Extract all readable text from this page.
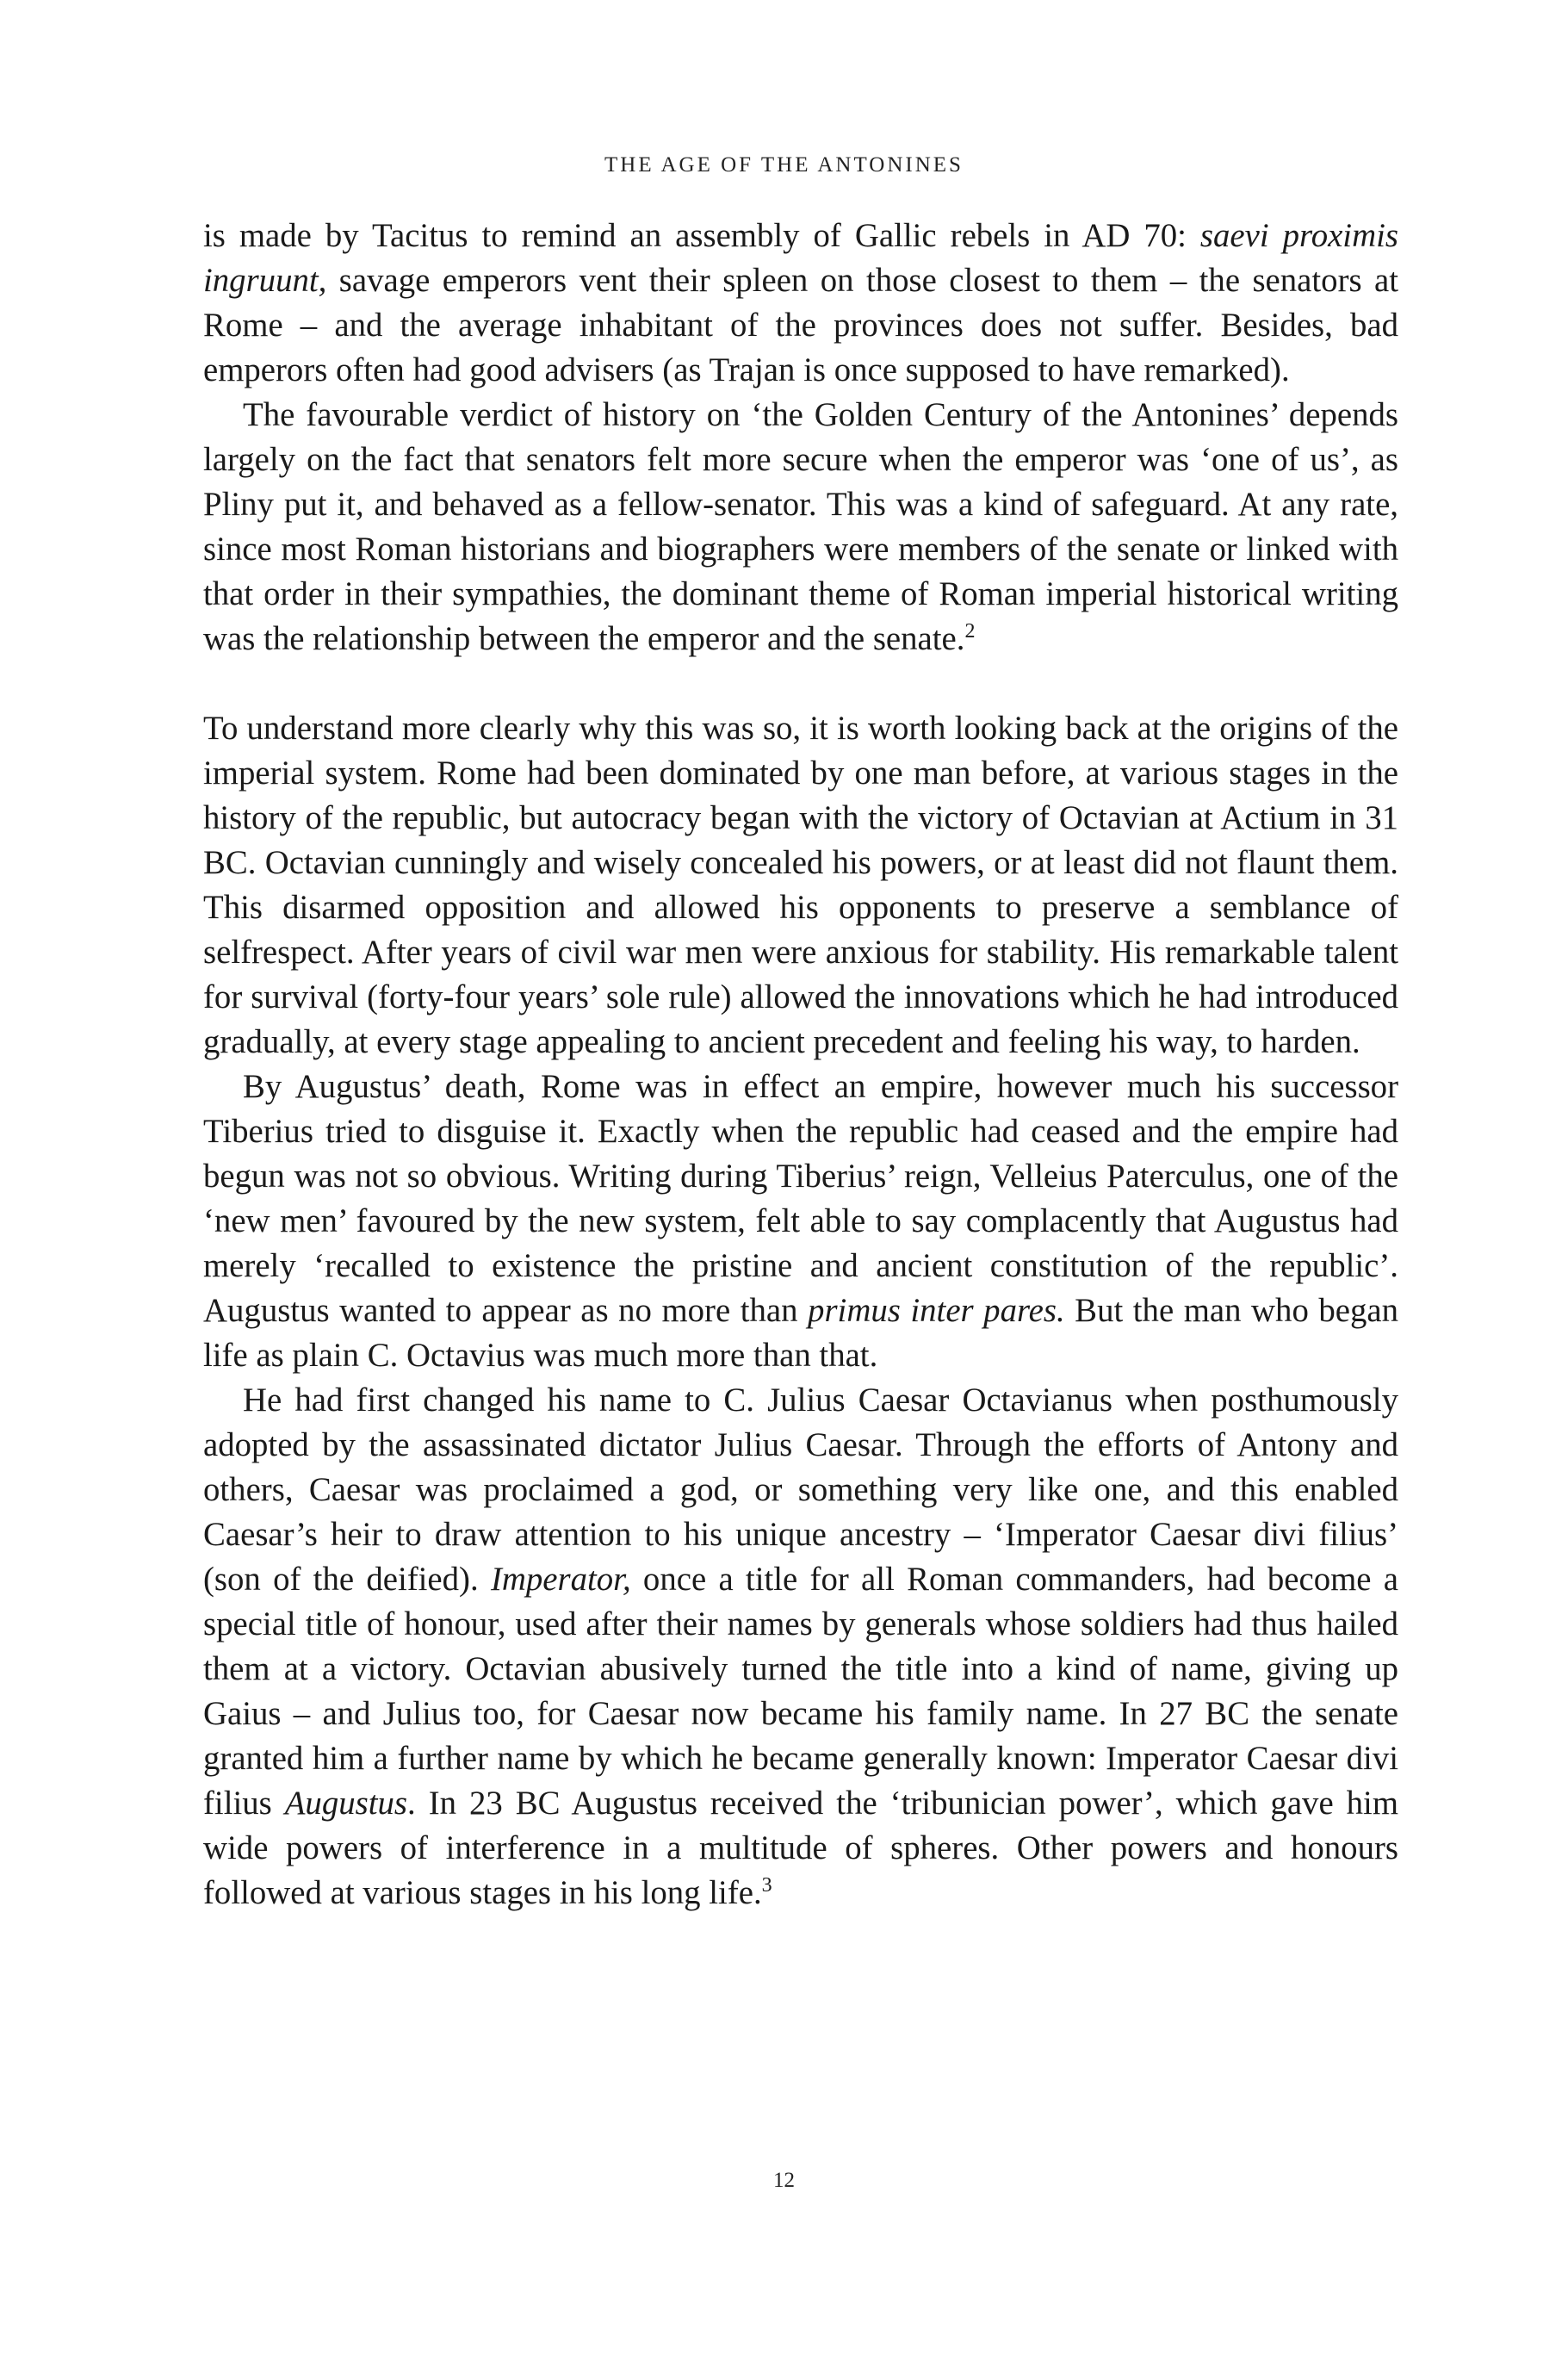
THE AGE OF THE ANTONINES

is made by Tacitus to remind an assembly of Gallic rebels in AD 70: saevi proximis ingruunt, savage emperors vent their spleen on those closest to them – the senators at Rome – and the average inhabitant of the provinces does not suffer. Besides, bad emperors often had good advisers (as Trajan is once supposed to have remarked).

The favourable verdict of history on ‘the Golden Century of the Antonines’ depends largely on the fact that senators felt more secure when the emperor was ‘one of us’, as Pliny put it, and behaved as a fellow-senator. This was a kind of safeguard. At any rate, since most Roman historians and biographers were members of the senate or linked with that order in their sympathies, the dominant theme of Roman imperial historical writing was the relationship between the emperor and the senate.$^2$

To understand more clearly why this was so, it is worth looking back at the origins of the imperial system. Rome had been dominated by one man before, at various stages in the history of the republic, but autocracy began with the victory of Octavian at Actium in 31 BC. Octavian cunningly and wisely concealed his powers, or at least did not flaunt them. This disarmed opposition and allowed his opponents to preserve a semblance of selfrespect. After years of civil war men were anxious for stability. His remarkable talent for survival (forty-four years’ sole rule) allowed the innovations which he had introduced gradually, at every stage appealing to ancient precedent and feeling his way, to harden.

By Augustus’ death, Rome was in effect an empire, however much his successor Tiberius tried to disguise it. Exactly when the republic had ceased and the empire had begun was not so obvious. Writing during Tiberius’ reign, Velleius Paterculus, one of the ‘new men’ favoured by the new system, felt able to say complacently that Augustus had merely ‘recalled to existence the pristine and ancient constitution of the republic’. Augustus wanted to appear as no more than primus inter pares. But the man who began life as plain C. Octavius was much more than that.

He had first changed his name to C. Julius Caesar Octavianus when posthumously adopted by the assassinated dictator Julius Caesar. Through the efforts of Antony and others, Caesar was proclaimed a god, or something very like one, and this enabled Caesar’s heir to draw attention to his unique ancestry – ‘Imperator Caesar divi filius’ (son of the deified). Imperator, once a title for all Roman commanders, had become a special title of honour, used after their names by generals whose soldiers had thus hailed them at a victory. Octavian abusively turned the title into a kind of name, giving up Gaius – and Julius too, for Caesar now became his family name. In 27 BC the senate granted him a further name by which he became generally known: Imperator Caesar divi filius Augustus. In 23 BC Augustus received the ‘tribunician power’, which gave him wide powers of interference in a multitude of spheres. Other powers and honours followed at various stages in his long life.$^3$

12
